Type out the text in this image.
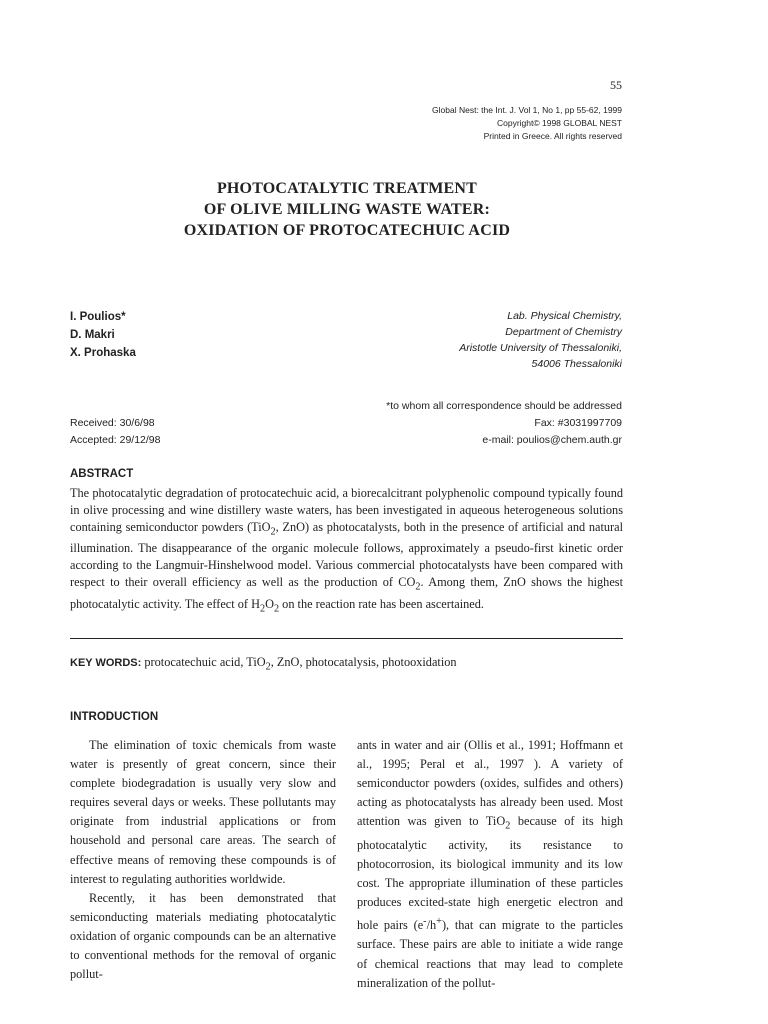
55
Global Nest: the Int. J. Vol 1, No 1, pp 55-62, 1999
Copyright© 1998 GLOBAL NEST
Printed in Greece. All rights reserved
PHOTOCATALYTIC TREATMENT
OF OLIVE MILLING WASTE WATER:
OXIDATION OF PROTOCATECHUIC ACID
I. Poulios*
D. Makri
X. Prohaska
Lab. Physical Chemistry,
Department of Chemistry
Aristotle University of Thessaloniki,
54006 Thessaloniki
*to whom all correspondence should be addressed
Fax: #3031997709
e-mail: poulios@chem.auth.gr
Received: 30/6/98
Accepted: 29/12/98
ABSTRACT
The photocatalytic degradation of protocatechuic acid, a biorecalcitrant polyphenolic compound typically found in olive processing and wine distillery waste waters, has been investigated in aqueous heterogeneous solutions containing semiconductor powders (TiO$_2$, ZnO) as photocatalysts, both in the presence of artificial and natural illumination. The disappearance of the organic molecule follows, approximately a pseudo-first kinetic order according to the Langmuir-Hinshelwood model. Various commercial photocatalysts have been compared with respect to their overall efficiency as well as the production of $CO_2$. Among them, ZnO shows the highest photocatalytic activity. The effect of $H_2O_2$ on the reaction rate has been ascertained.
KEY WORDS: protocatechuic acid, TiO$_2$, ZnO, photocatalysis, photooxidation
INTRODUCTION

The elimination of toxic chemicals from waste water is presently of great concern, since their complete biodegradation is usually very slow and requires several days or weeks. These pollutants may originate from industrial applications or from household and personal care areas. The search of effective means of removing these compounds is of interest to regulating authorities worldwide.

Recently, it has been demonstrated that semiconducting materials mediating photocatalytic oxidation of organic compounds can be an alternative to conventional methods for the removal of organic pollut-

ants in water and air (Ollis et al., 1991; Hoffmann et al., 1995; Peral et al., 1997 ). A variety of semiconductor powders (oxides, sulfides and others) acting as photocatalysts has already been used. Most attention was given to TiO$_2$ because of its high photocatalytic activity, its resistance to photocorrosion, its biological immunity and its low cost. The appropriate illumination of these particles produces excited-state high energetic electron and hole pairs (e-/h+), that can migrate to the particles surface. These pairs are able to initiate a wide range of chemical reactions that may lead to complete mineralization of the pollut-
